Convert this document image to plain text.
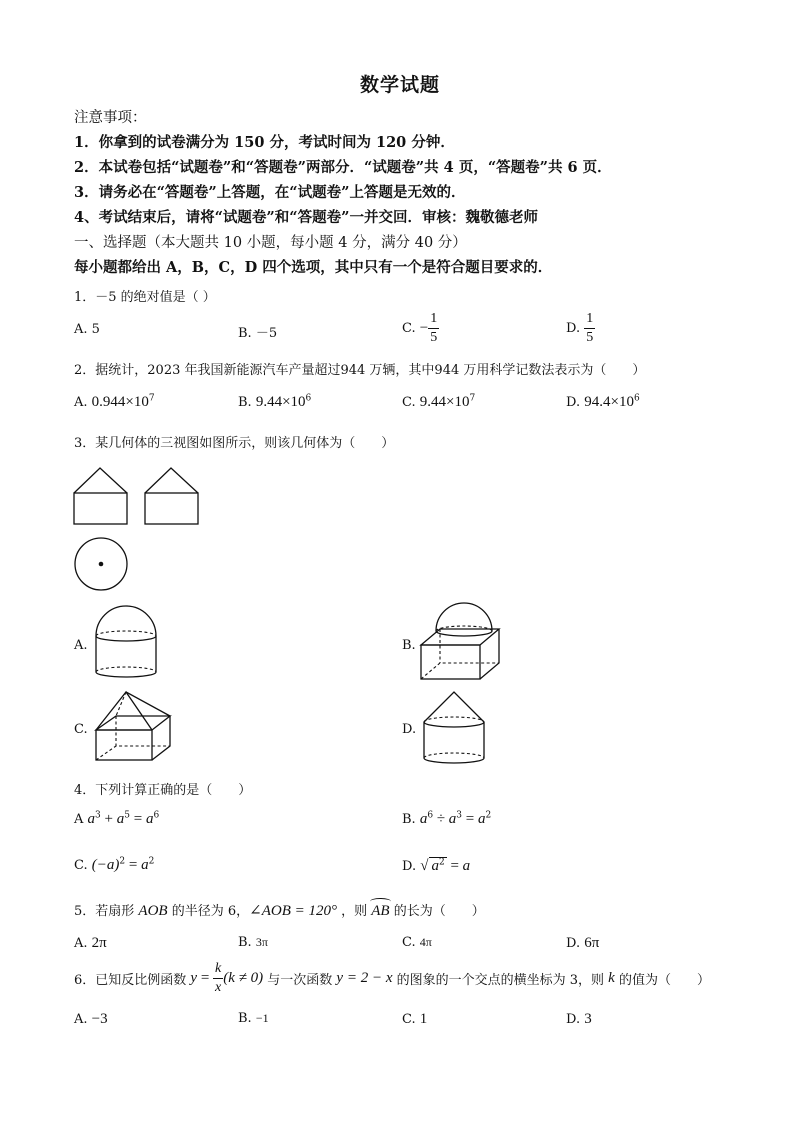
数学试题
注意事项：
1．你拿到的试卷满分为 150 分，考试时间为 120 分钟．
2．本试卷包括“试题卷”和“答题卷”两部分．“试题卷”共 4 页，“答题卷”共 6 页．
3．请务必在“答题卷”上答题，在“试题卷”上答题是无效的．
4、考试结束后，请将“试题卷”和“答题卷”一并交回．审核：魏敬德老师
一、选择题（本大题共 10 小题，每小题 4 分，满分 40 分）
每小题都给出 A，B，C，D 四个选项，其中只有一个是符合题目要求的．
1．－5 的绝对值是（ ）
A. 5	B. －5	C. − $\frac{1}{5}$	D. $\frac{1}{5}$
2．据统计，2023 年我国新能源汽车产量超过944 万辆，其中944 万用科学记数法表示为（　　）
A. $0.944\times 10^7$	B. $9.44\times 10^6$	C. $9.44\times 10^7$	D. $94.4\times 10^6$
3．某几何体的三视图如图所示，则该几何体为（　　）
A.	B.
C.	D.
4．下列计算正确的是（　　）
A $a^3 + a^5 = a^6$	B. $a^6 \div a^3 = a^2$
C. $(-a)^2 = a^2$	D. √ $a^2 = a$
5．若扇形 AOB 的半径为 6，∠AOB = 120° ，则 AB 的长为（　　）
A. 2π	B. 3π	C. 4π	D. 6π
6．已知反比例函数 $y = \frac{k}{x} (k \ne 0)$ 与一次函数 y = 2 − x 的图象的一个交点的横坐标为 3，则 k 的值为（　　）
A. −3	B. −1	C. 1	D. 3
